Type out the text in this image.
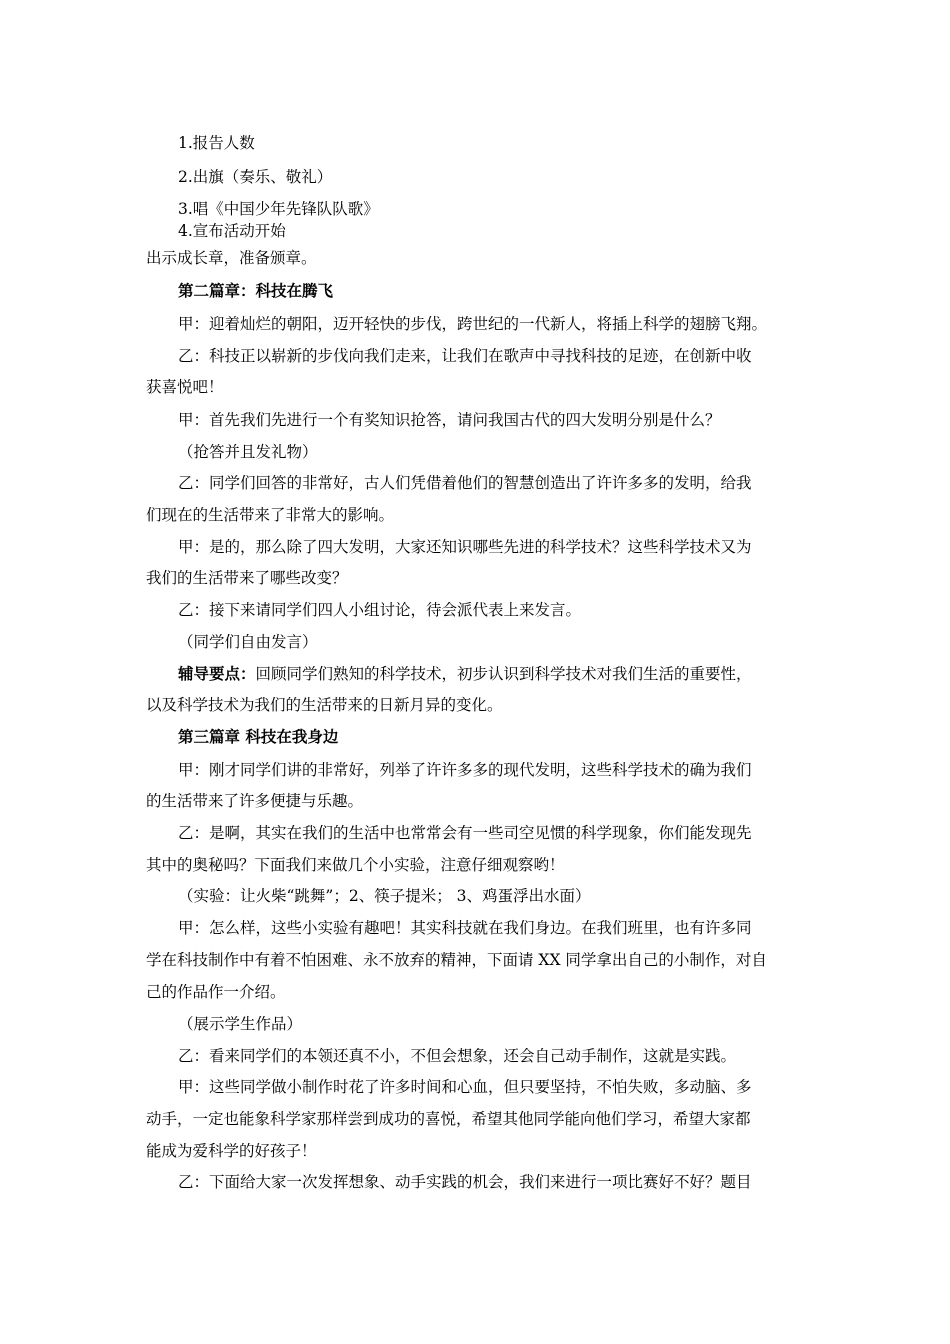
1.报告人数
2.出旗（奏乐、敬礼）
3.唱《中国少年先锋队队歌》
4.宣布活动开始
出示成长章，准备颁章。
第二篇章：科技在腾飞
甲：迎着灿烂的朝阳，迈开轻快的步伐，跨世纪的一代新人，将插上科学的翅膀飞翔。
乙：科技正以崭新的步伐向我们走来，让我们在歌声中寻找科技的足迹，在创新中收
获喜悦吧！
甲：首先我们先进行一个有奖知识抢答，请问我国古代的四大发明分别是什么？
（抢答并且发礼物）
乙：同学们回答的非常好，古人们凭借着他们的智慧创造出了许许多多的发明，给我
们现在的生活带来了非常大的影响。
甲：是的，那么除了四大发明，大家还知识哪些先进的科学技术？这些科学技术又为
我们的生活带来了哪些改变？
乙：接下来请同学们四人小组讨论，待会派代表上来发言。
（同学们自由发言）
辅导要点：回顾同学们熟知的科学技术，初步认识到科学技术对我们生活的重要性，
以及科学技术为我们的生活带来的日新月异的变化。
第三篇章 科技在我身边
甲：刚才同学们讲的非常好，列举了许许多多的现代发明，这些科学技术的确为我们
的生活带来了许多便捷与乐趣。
乙：是啊，其实在我们的生活中也常常会有一些司空见惯的科学现象，你们能发现先
其中的奥秘吗？下面我们来做几个小实验，注意仔细观察哟！
（实验：让火柴“跳舞”；2、筷子提米； 3、鸡蛋浮出水面）
甲：怎么样，这些小实验有趣吧！其实科技就在我们身边。在我们班里，也有许多同
学在科技制作中有着不怕困难、永不放弃的精神，下面请 XX 同学拿出自己的小制作，对自
己的作品作一介绍。
（展示学生作品）
乙：看来同学们的本领还真不小，不但会想象，还会自己动手制作，这就是实践。
甲：这些同学做小制作时花了许多时间和心血，但只要坚持，不怕失败，多动脑、多
动手，一定也能象科学家那样尝到成功的喜悦，希望其他同学能向他们学习，希望大家都
能成为爱科学的好孩子！
乙：下面给大家一次发挥想象、动手实践的机会，我们来进行一项比赛好不好？题目
